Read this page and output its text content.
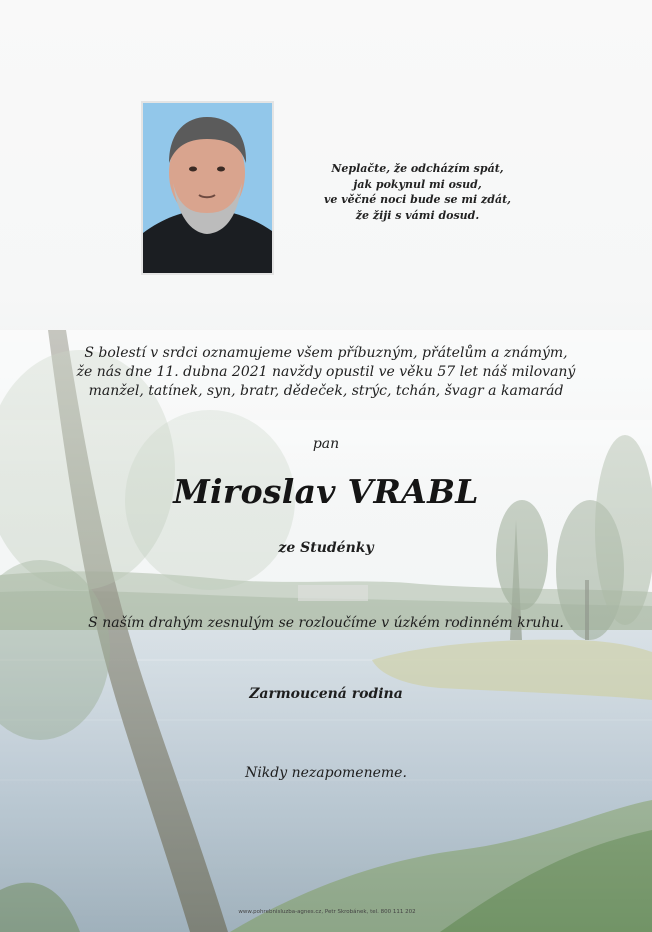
Neplačte, že odcházím spát,
jak pokynul mi osud,
ve věčné noci bude se mi zdát,
že žiji s vámi dosud.
S bolestí v srdci oznamujeme všem příbuzným, přátelům a známým,
že nás dne 11. dubna 2021 navždy opustil ve věku 57 let náš milovaný
manžel, tatínek, syn, bratr, dědeček, strýc, tchán, švagr a kamarád
pan
Miroslav VRABL
ze Studénky
S naším drahým zesnulým se rozloučíme v úzkém rodinném kruhu.
Zarmoucená rodina
Nikdy nezapomeneme.
www.pohrebnisluzba-agnes.cz, Petr Skrobánek, tel. 800 111 202
